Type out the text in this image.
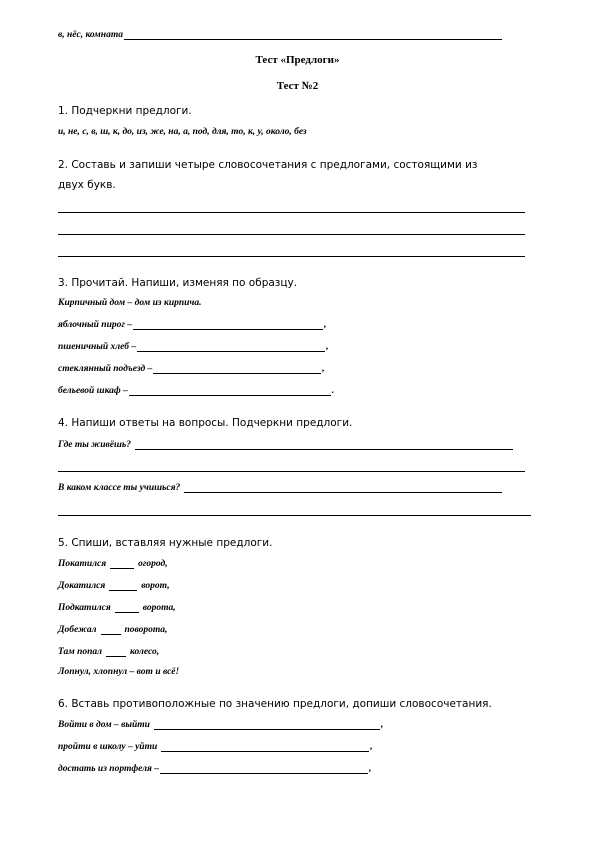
в, нёс, комната
Тест «Предлоги»
Тест №2
1. Подчеркни предлоги.
и, не, с, в, ш, к, до, из, же, на, а, под, для, то, к, у, около, без
2. Составь и запиши четыре словосочетания с предлогами, состоящими из
двух букв.
3. Прочитай. Напиши, изменяя по образцу.
Кирпичный дом – дом из кирпича.
яблочный пирог –	,
пшеничный хлеб –	,
стеклянный подъезд –	,
бельевой шкаф –	.
4. Напиши ответы на вопросы. Подчеркни предлоги.
Где ты живёшь?
В каком классе ты учишься?
5. Спиши, вставляя нужные предлоги.
Покатился	огород,
Докатился	ворот,
Подкатился	ворота,
Добежал	поворота,
Там попал	колесо,
Лопнул, хлопнул – вот и всё!
6. Вставь противоположные по значению предлоги, допиши словосочетания.
Войти в дом – выйти	,
пройти в школу – уйти	,
достать из портфеля –	,
